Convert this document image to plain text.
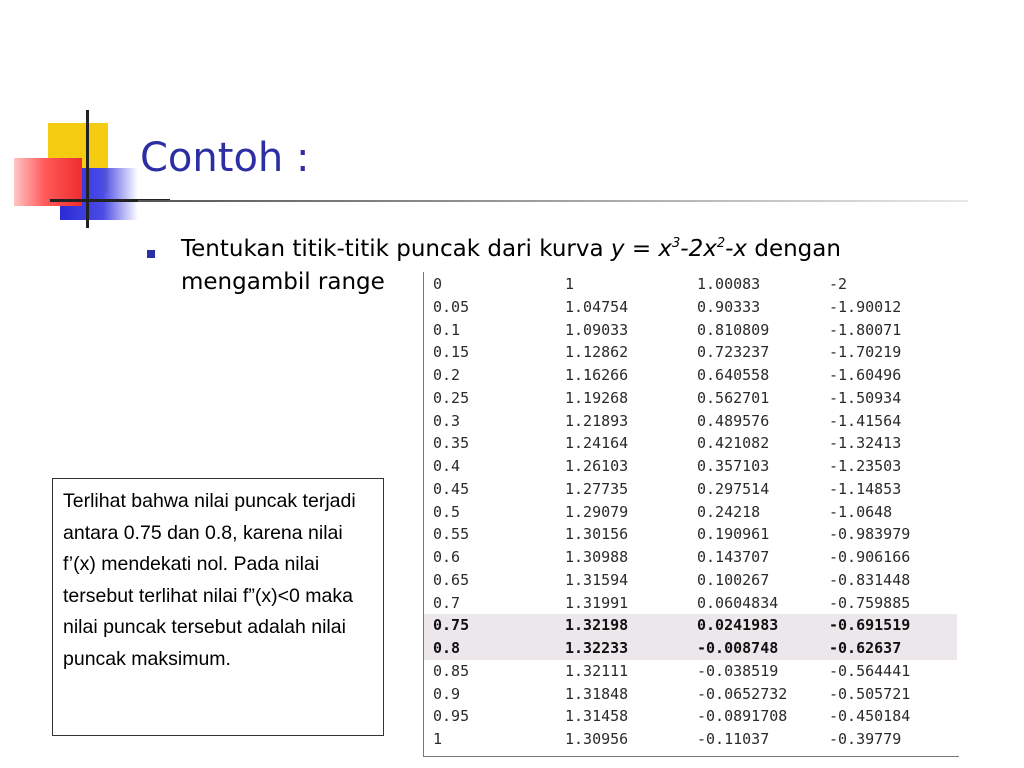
Contoh :
Tentukan titik-titik puncak dari kurva $y = x^3-2x^2-x$ dengan mengambil range
Terlihat bahwa nilai puncak terjadi antara 0.75 dan 0.8, karena nilai f’(x) mendekati nol. Pada nilai tersebut terlihat nilai f”(x)<0 maka nilai puncak tersebut adalah nilai puncak maksimum.
0	1	1.00083	-2
0.05	1.04754	0.90333	-1.90012
0.1	1.09033	0.810809	-1.80071
0.15	1.12862	0.723237	-1.70219
0.2	1.16266	0.640558	-1.60496
0.25	1.19268	0.562701	-1.50934
0.3	1.21893	0.489576	-1.41564
0.35	1.24164	0.421082	-1.32413
0.4	1.26103	0.357103	-1.23503
0.45	1.27735	0.297514	-1.14853
0.5	1.29079	0.24218	-1.0648
0.55	1.30156	0.190961	-0.983979
0.6	1.30988	0.143707	-0.906166
0.65	1.31594	0.100267	-0.831448
0.7	1.31991	0.0604834	-0.759885
0.75	1.32198	0.0241983	-0.691519
0.8	1.32233	-0.008748	-0.62637
0.85	1.32111	-0.038519	-0.564441
0.9	1.31848	-0.0652732	-0.505721
0.95	1.31458	-0.0891708	-0.450184
1	1.30956	-0.11037	-0.39779
